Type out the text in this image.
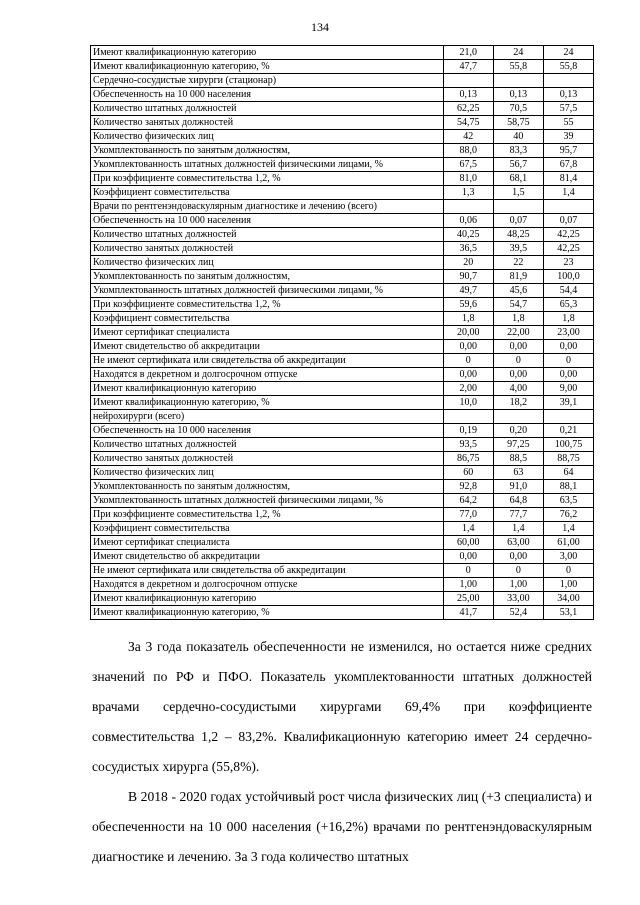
134
Имеют квалификационную категорию	21,0	24	24
Имеют квалификационную категорию, %	47,7	55,8	55,8
Сердечно-сосудистые хирурги (стационар)			
Обеспеченность на 10 000 населения	0,13	0,13	0,13
Количество штатных должностей	62,25	70,5	57,5
Количество занятых должностей	54,75	58,75	55
Количество физических лиц	42	40	39
Укомплектованность по занятым должностям,	88,0	83,3	95,7
Укомплектованность штатных должностей физическими лицами, %	67,5	56,7	67,8
При коэффициенте совместительства 1,2, %	81,0	68,1	81,4
Коэффициент совместительства	1,3	1,5	1,4
Врачи по рентгенэндоваскулярным диагностике и лечению (всего)			
Обеспеченность на 10 000 населения	0,06	0,07	0,07
Количество штатных должностей	40,25	48,25	42,25
Количество занятых должностей	36,5	39,5	42,25
Количество физических лиц	20	22	23
Укомплектованность по занятым должностям,	90,7	81,9	100,0
Укомплектованность штатных должностей физическими лицами, %	49,7	45,6	54,4
При коэффициенте совместительства 1,2, %	59,6	54,7	65,3
Коэффициент совместительства	1,8	1,8	1,8
Имеют сертификат специалиста	20,00	22,00	23,00
Имеют свидетельство об аккредитации	0,00	0,00	0,00
Не имеют сертификата или свидетельства об аккредитации	0	0	0
Находятся в декретном и долгосрочном отпуске	0,00	0,00	0,00
Имеют квалификационную категорию	2,00	4,00	9,00
Имеют квалификационную категорию, %	10,0	18,2	39,1
нейрохирурги (всего)			
Обеспеченность на 10 000 населения	0,19	0,20	0,21
Количество штатных должностей	93,5	97,25	100,75
Количество занятых должностей	86,75	88,5	88,75
Количество физических лиц	60	63	64
Укомплектованность по занятым должностям,	92,8	91,0	88,1
Укомплектованность штатных должностей физическими лицами, %	64,2	64,8	63,5
При коэффициенте совместительства 1,2, %	77,0	77,7	76,2
Коэффициент совместительства	1,4	1,4	1,4
Имеют сертификат специалиста	60,00	63,00	61,00
Имеют свидетельство об аккредитации	0,00	0,00	3,00
Не имеют сертификата или свидетельства об аккредитации	0	0	0
Находятся в декретном и долгосрочном отпуске	1,00	1,00	1,00
Имеют квалификационную категорию	25,00	33,00	34,00
Имеют квалификационную категорию, %	41,7	52,4	53,1

За 3 года показатель обеспеченности не изменился, но остается ниже средних значений по РФ и ПФО. Показатель укомплектованности штатных должностей врачами сердечно-сосудистыми хирургами 69,4% при коэффициенте совместительства 1,2 – 83,2%. Квалификационную категорию имеет 24 сердечно-сосудистых хирурга (55,8%).

В 2018 - 2020 годах устойчивый рост числа физических лиц (+3 специалиста) и обеспеченности на 10 000 населения (+16,2%) врачами по рентгенэндоваскулярным диагностике и лечению. За 3 года количество штатных
